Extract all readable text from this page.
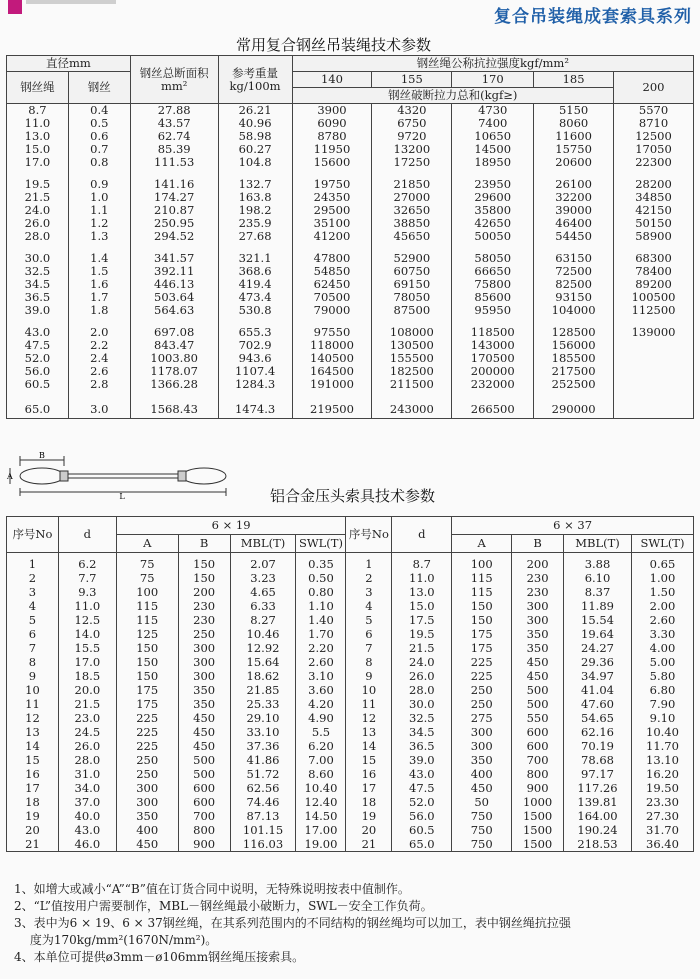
复合吊装绳成套索具系列
常用复合钢丝吊装绳技术参数
直径mm		钢丝总断面积mm²	参考重量kg/100m	钢丝绳公称抗拉强度kgf/mm²				
钢丝绳	钢丝			140	155	170	185	200
				钢丝破断拉力总和(kgf≥)				
8.7	0.4	27.88	26.21	3900	4320	4730	5150	5570
11.0	0.5	43.57	40.96	6090	6750	7400	8060	8710
13.0	0.6	62.74	58.98	8780	9720	10650	11600	12500
15.0	0.7	85.39	60.27	11950	13200	14500	15750	17050
17.0	0.8	111.53	104.8	15600	17250	18950	20600	22300
19.5	0.9	141.16	132.7	19750	21850	23950	26100	28200
21.5	1.0	174.27	163.8	24350	27000	29600	32200	34850
24.0	1.1	210.87	198.2	29500	32650	35800	39000	42150
26.0	1.2	250.95	235.9	35100	38850	42650	46400	50150
28.0	1.3	294.52	27.68	41200	45650	50050	54450	58900
30.0	1.4	341.57	321.1	47800	52900	58050	63150	68300
32.5	1.5	392.11	368.6	54850	60750	66650	72500	78400
34.5	1.6	446.13	419.4	62450	69150	75800	82500	89200
36.5	1.7	503.64	473.4	70500	78050	85600	93150	100500
39.0	1.8	564.63	530.8	79000	87500	95950	104000	112500
43.0	2.0	697.08	655.3	97550	108000	118500	128500	139000
47.5	2.2	843.47	702.9	118000	130500	143000	156000	
52.0	2.4	1003.80	943.6	140500	155500	170500	185500	
56.0	2.6	1178.07	1107.4	164500	182500	200000	217500	
60.5	2.8	1366.28	1284.3	191000	211500	232000	252500	
65.0	3.0	1568.43	1474.3	219500	243000	266500	290000	
B
A
L	铝合金压头索具技术参数
序号No	d	6 × 19				序号No	d	6 × 37			
		A	B	MBL(T)	SWL(T)			A	B	MBL(T)	SWL(T)
1	6.2	75	150	2.07	0.35	1	8.7	100	200	3.88	0.65
2	7.7	75	150	3.23	0.50	2	11.0	115	230	6.10	1.00
3	9.3	100	200	4.65	0.80	3	13.0	115	230	8.37	1.50
4	11.0	115	230	6.33	1.10	4	15.0	150	300	11.89	2.00
5	12.5	115	230	8.27	1.40	5	17.5	150	300	15.54	2.60
6	14.0	125	250	10.46	1.70	6	19.5	175	350	19.64	3.30
7	15.5	150	300	12.92	2.20	7	21.5	175	350	24.27	4.00
8	17.0	150	300	15.64	2.60	8	24.0	225	450	29.36	5.00
9	18.5	150	300	18.62	3.10	9	26.0	225	450	34.97	5.80
10	20.0	175	350	21.85	3.60	10	28.0	250	500	41.04	6.80
11	21.5	175	350	25.33	4.20	11	30.0	250	500	47.60	7.90
12	23.0	225	450	29.10	4.90	12	32.5	275	550	54.65	9.10
13	24.5	225	450	33.10	5.5	13	34.5	300	600	62.16	10.40
14	26.0	225	450	37.36	6.20	14	36.5	300	600	70.19	11.70
15	28.0	250	500	41.86	7.00	15	39.0	350	700	78.68	13.10
16	31.0	250	500	51.72	8.60	16	43.0	400	800	97.17	16.20
17	34.0	300	600	62.56	10.40	17	47.5	450	900	117.26	19.50
18	37.0	300	600	74.46	12.40	18	52.0	50	1000	139.81	23.30
19	40.0	350	700	87.13	14.50	19	56.0	750	1500	164.00	27.30
20	43.0	400	800	101.15	17.00	20	60.5	750	1500	190.24	31.70
21	46.0	450	900	116.03	19.00	21	65.0	750	1500	218.53	36.40
1、如增大或减小“A”“B”值在订货合同中说明，无特殊说明按表中值制作。
2、“L”值按用户需要制作，MBL－钢丝绳最小破断力，SWL－安全工作负荷。
3、表中为6 × 19、6 × 37钢丝绳，在其系列范围内的不同结构的钢丝绳均可以加工，表中钢丝绳抗拉强
　 度为170kg/mm²(1670N/mm²)。
4、本单位可提供ø3mm－ø106mm钢丝绳压接索具。
